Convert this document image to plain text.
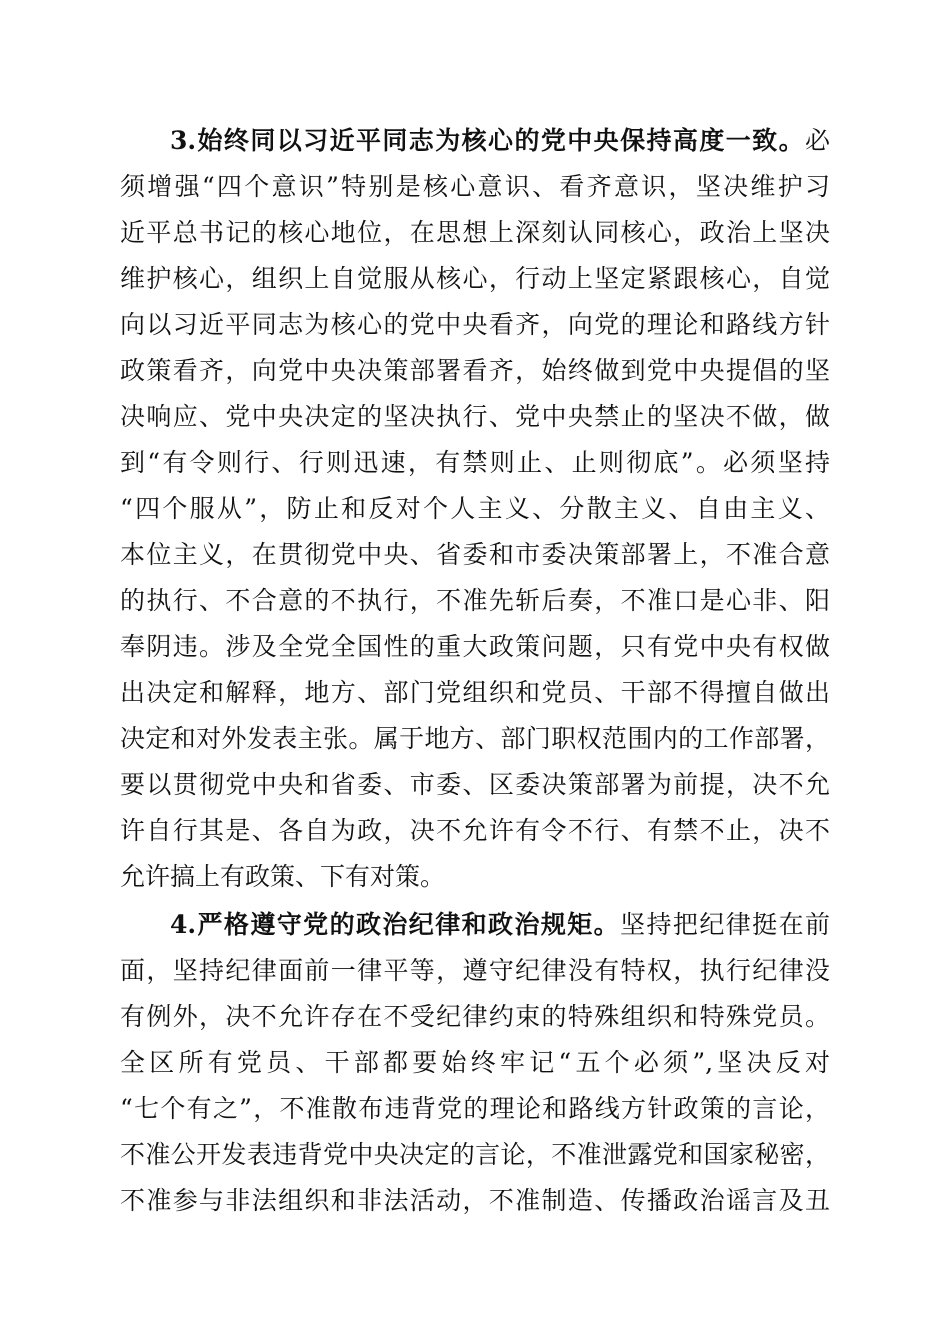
3.始终同以习近平同志为核心的党中央保持高度一致。必
须增强“四个意识”特别是核心意识、看齐意识，坚决维护习
近平总书记的核心地位，在思想上深刻认同核心，政治上坚决
维护核心，组织上自觉服从核心，行动上坚定紧跟核心，自觉
向以习近平同志为核心的党中央看齐，向党的理论和路线方针
政策看齐，向党中央决策部署看齐，始终做到党中央提倡的坚
决响应、党中央决定的坚决执行、党中央禁止的坚决不做，做
到“有令则行、行则迅速，有禁则止、止则彻底”。必须坚持
“四个服从”，防止和反对个人主义、分散主义、自由主义、
本位主义，在贯彻党中央、省委和市委决策部署上，不准合意
的执行、不合意的不执行，不准先斩后奏，不准口是心非、阳
奉阴违。涉及全党全国性的重大政策问题，只有党中央有权做
出决定和解释，地方、部门党组织和党员、干部不得擅自做出
决定和对外发表主张。属于地方、部门职权范围内的工作部署，
要以贯彻党中央和省委、市委、区委决策部署为前提，决不允
许自行其是、各自为政，决不允许有令不行、有禁不止，决不
允许搞上有政策、下有对策。
4.严格遵守党的政治纪律和政治规矩。坚持把纪律挺在前
面，坚持纪律面前一律平等，遵守纪律没有特权，执行纪律没
有例外，决不允许存在不受纪律约束的特殊组织和特殊党员。
全区所有党员、干部都要始终牢记“五个必须”,坚决反对
“七个有之”，不准散布违背党的理论和路线方针政策的言论，
不准公开发表违背党中央决定的言论，不准泄露党和国家秘密，
不准参与非法组织和非法活动，不准制造、传播政治谣言及丑
